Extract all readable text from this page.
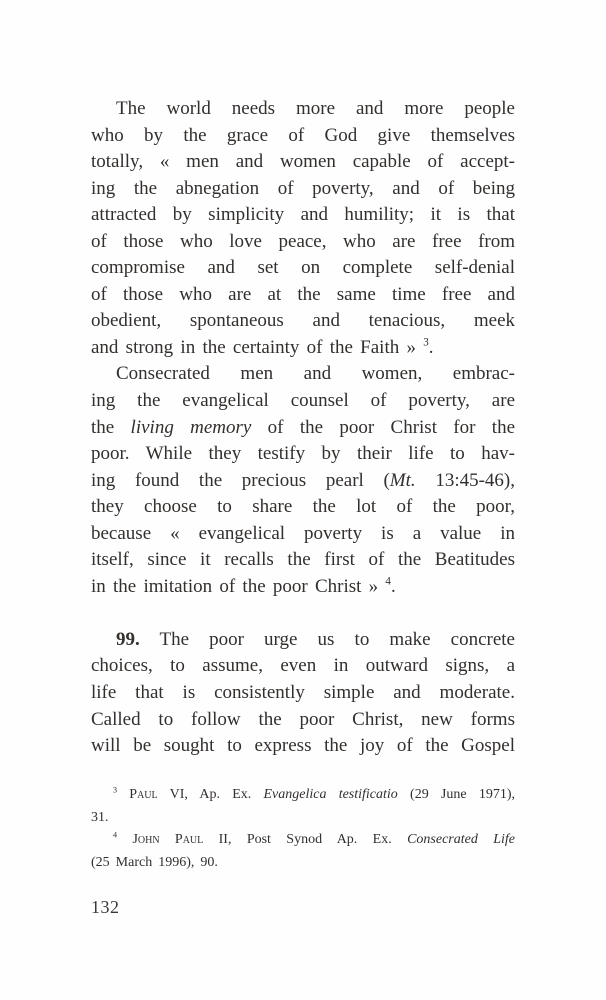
The world needs more and more people
who by the grace of God give themselves
totally, « men and women capable of accept-
ing the abnegation of poverty, and of being
attracted by simplicity and humility; it is that
of those who love peace, who are free from
compromise and set on complete self-denial
of those who are at the same time free and
obedient, spontaneous and tenacious, meek
and strong in the certainty of the Faith » $^3$.
Consecrated men and women, embrac-
ing the evangelical counsel of poverty, are
the living memory of the poor Christ for the
poor. While they testify by their life to hav-
ing found the precious pearl (Mt. 13:45-46),
they choose to share the lot of the poor,
because « evangelical poverty is a value in
itself, since it recalls the first of the Beatitudes
in the imitation of the poor Christ » $^4$.
99. The poor urge us to make concrete
choices, to assume, even in outward signs, a
life that is consistently simple and moderate.
Called to follow the poor Christ, new forms
will be sought to express the joy of the Gospel
$^3$ Paul VI, Ap. Ex. Evangelica testificatio (29 June 1971),
31.
$^4$ John Paul II, Post Synod Ap. Ex. Consecrated Life
(25 March 1996), 90.
132
